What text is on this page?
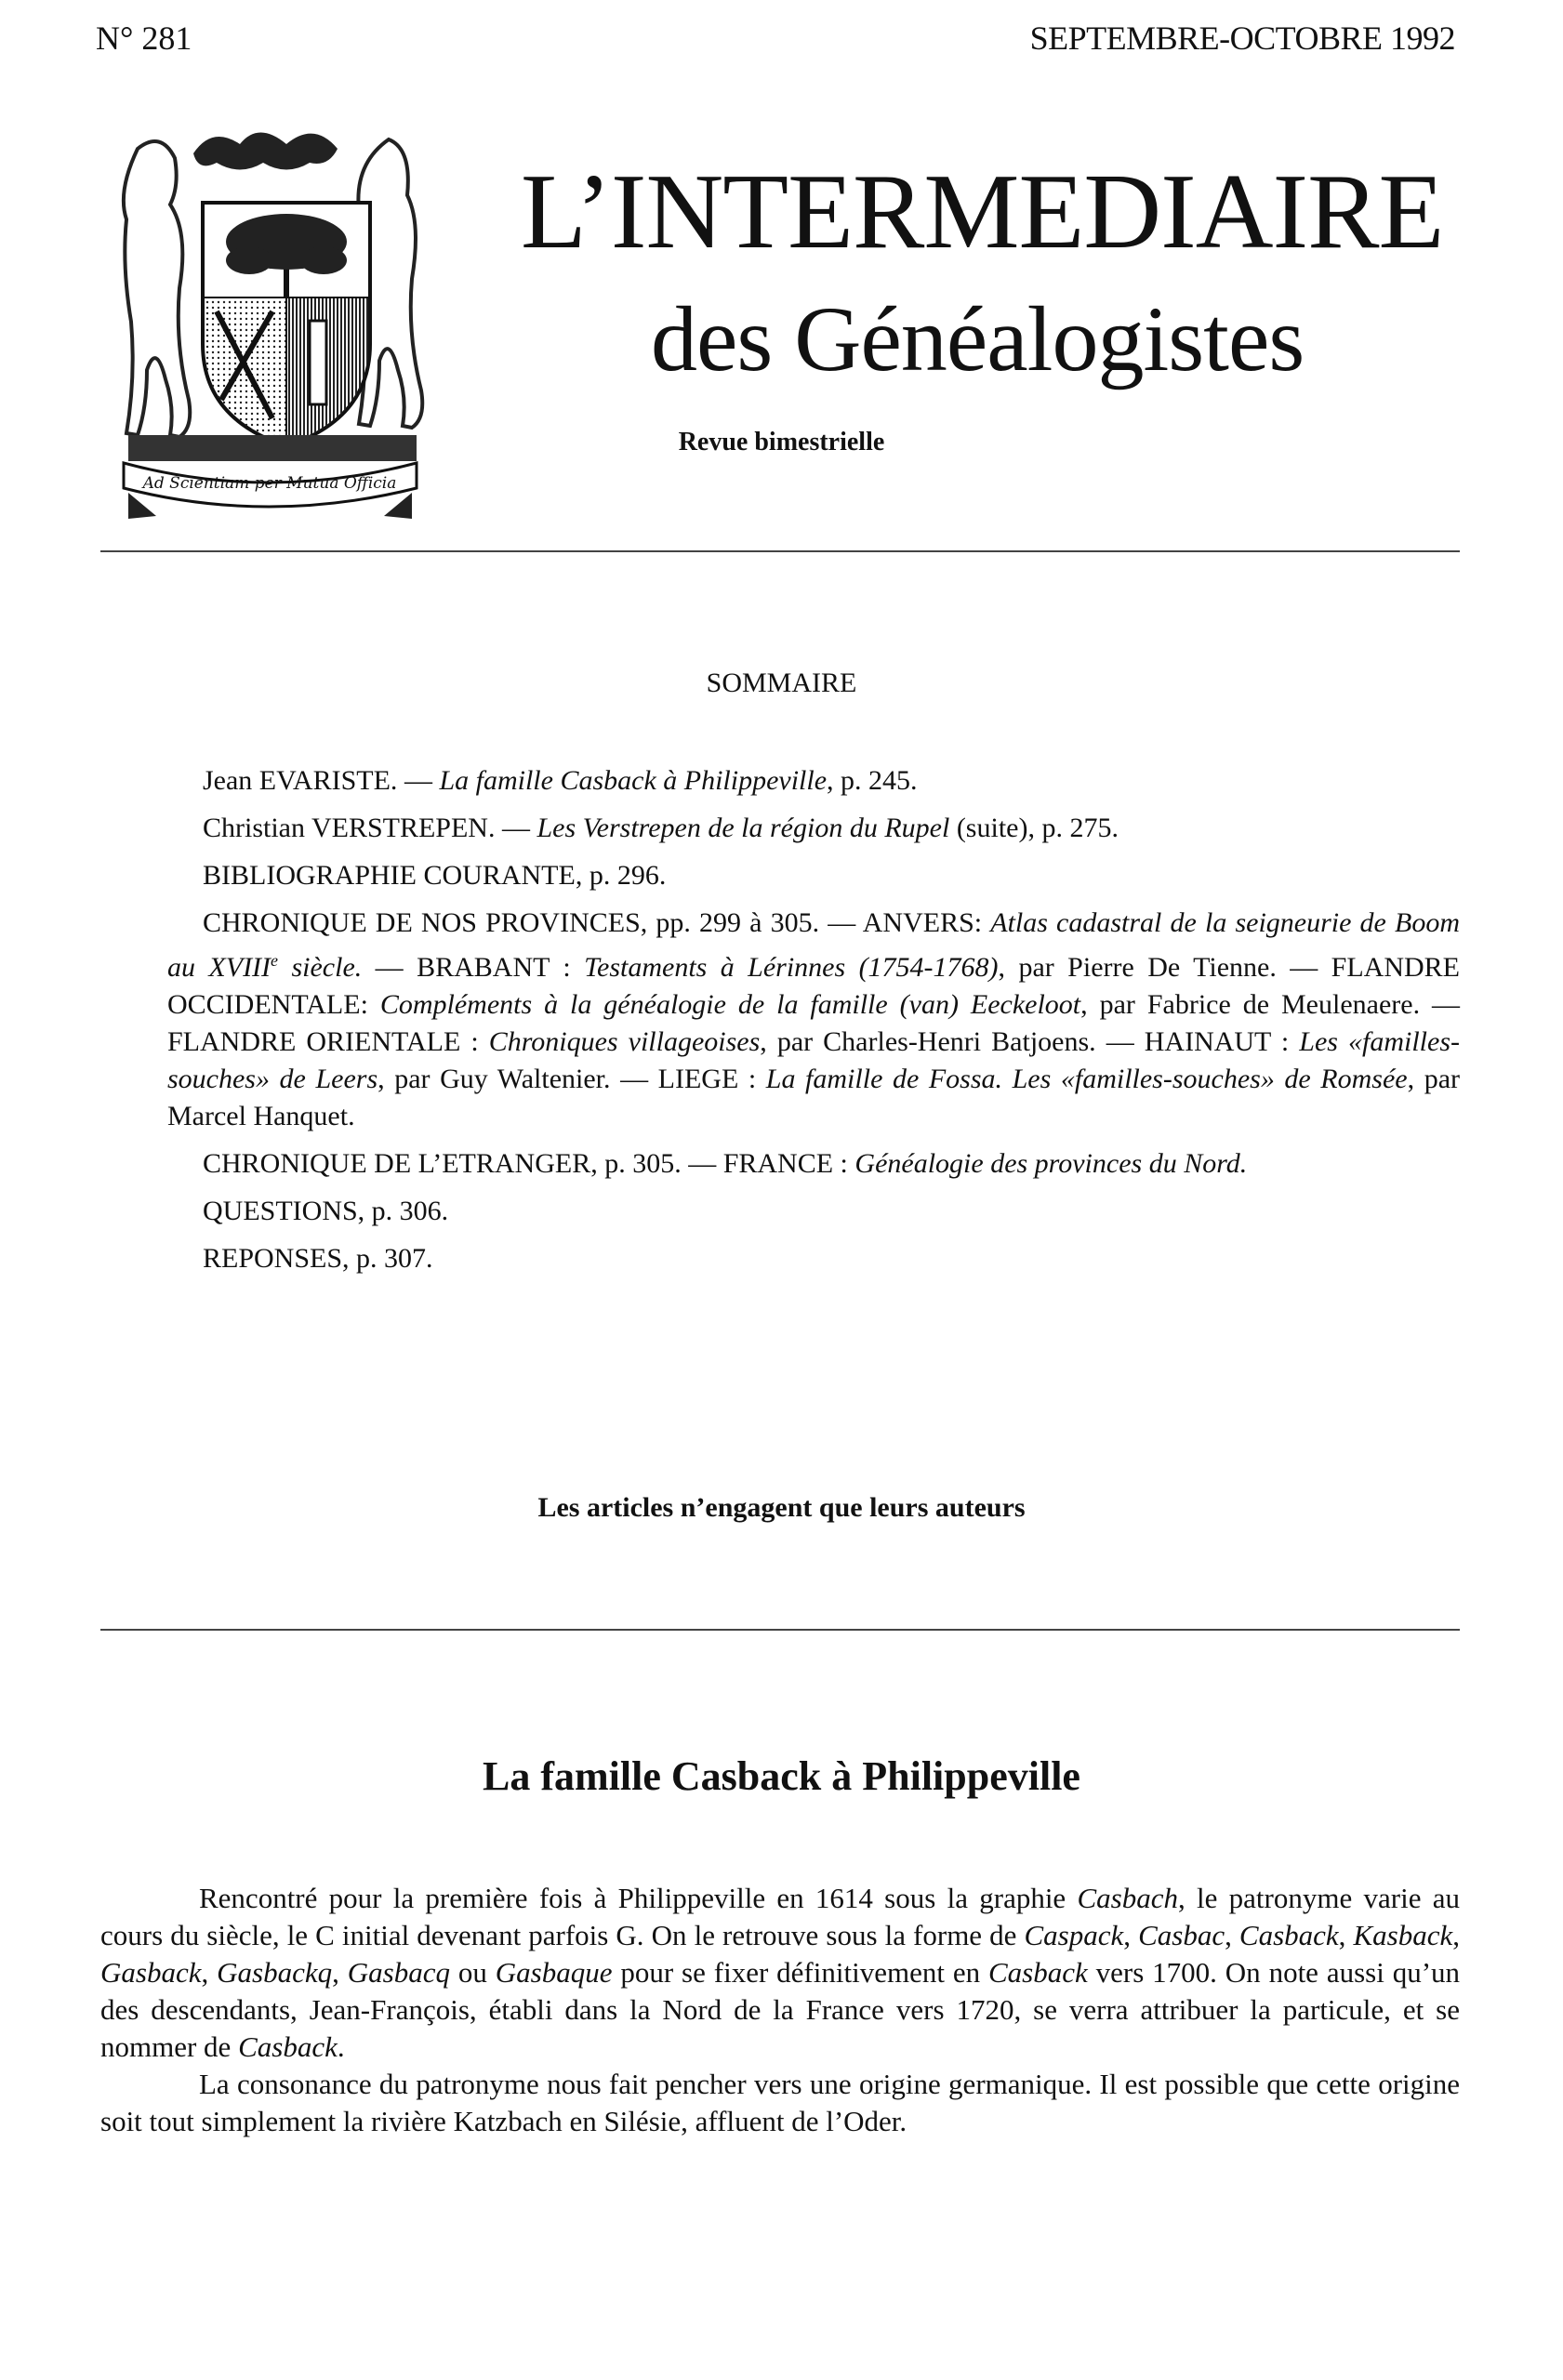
N° 281	SEPTEMBRE-OCTOBRE 1992
Ad Scientiam per Mutua Officia
L’INTERMEDIAIRE
des Généalogistes
Revue bimestrielle
SOMMAIRE

Jean EVARISTE. — La famille Casback à Philippeville, p. 245.

Christian VERSTREPEN. — Les Verstrepen de la région du Rupel (suite), p. 275.

BIBLIOGRAPHIE COURANTE, p. 296.

CHRONIQUE DE NOS PROVINCES, pp. 299 à 305. — ANVERS: Atlas cadastral de la seigneurie de Boom au XVIIIe siècle. — BRABANT : Testaments à Lérinnes (1754-1768), par Pierre De Tienne. — FLANDRE OCCIDENTALE: Compléments à la généalogie de la famille (van) Eeckeloot, par Fabrice de Meulenaere. — FLANDRE ORIENTALE : Chroniques villageoises, par Charles-Henri Batjoens. — HAINAUT : Les «familles-souches» de Leers, par Guy Waltenier. — LIEGE : La famille de Fossa. Les «familles-souches» de Romsée, par Marcel Hanquet.

CHRONIQUE DE L’ETRANGER, p. 305. — FRANCE : Généalogie des provinces du Nord.

QUESTIONS, p. 306.

REPONSES, p. 307.

Les articles n’engagent que leurs auteurs
La famille Casback à Philippeville

Rencontré pour la première fois à Philippeville en 1614 sous la graphie Casbach, le patronyme varie au cours du siècle, le C initial devenant parfois G. On le retrouve sous la forme de Caspack, Casbac, Casback, Kasback, Gasback, Gasbackq, Gasbacq ou Gasbaque pour se fixer définitivement en Casback vers 1700. On note aussi qu’un des descendants, Jean-François, établi dans la Nord de la France vers 1720, se verra attribuer la particule, et se nommer de Casback.

La consonance du patronyme nous fait pencher vers une origine germanique. Il est possible que cette origine soit tout simplement la rivière Katzbach en Silésie, affluent de l’Oder.
